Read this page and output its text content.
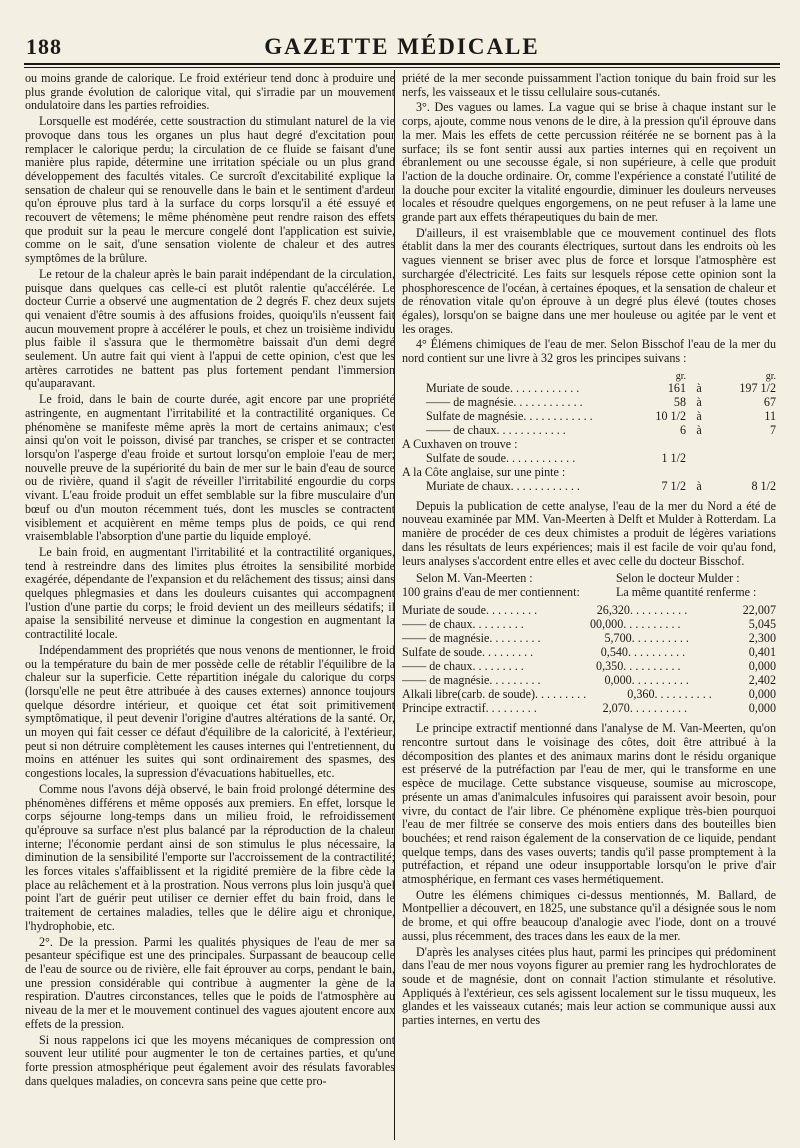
188	GAZETTE MÉDICALE

ou moins grande de calorique. Le froid extérieur tend donc à produire une plus grande évolution de calorique vital, qui s'irradie par un mouvement ondulatoire dans les parties refroidies.

Lorsquelle est modérée, cette soustraction du stimulant naturel de la vie provoque dans tous les organes un plus haut degré d'excitation pour remplacer le calorique perdu; la circulation de ce fluide se faisant d'une manière plus rapide, détermine une irritation spéciale ou un plus grand développement des facultés vitales. Ce surcroît d'excitabilité explique la sensation de chaleur qui se renouvelle dans le bain et le sentiment d'ardeur qu'on éprouve plus tard à la surface du corps lorsqu'il a été essuyé et recouvert de vêtemens; le même phénomène peut rendre raison des effets que produit sur la peau le mercure congelé dont l'application est suivie, comme on le sait, d'une sensation violente de chaleur et des autres symptômes de la brûlure.

Le retour de la chaleur après le bain parait indépendant de la circulation, puisque dans quelques cas celle-ci est plutôt ralentie qu'accélérée. Le docteur Currie a observé une augmentation de 2 degrés F. chez deux sujets qui venaient d'être soumis à des affusions froides, quoiqu'ils n'eussent fait aucun mouvement propre à accélérer le pouls, et chez un troisième individu plus faible il s'assura que le thermomètre baissait d'un demi degré seulement. Un autre fait qui vient à l'appui de cette opinion, c'est que les artères carrotides ne battent pas plus fortement pendant l'immersion qu'auparavant.

Le froid, dans le bain de courte durée, agit encore par une propriété astringente, en augmentant l'irritabilité et la contractilité organiques. Ce phénomène se manifeste même après la mort de certains animaux; c'est ainsi qu'on voit le poisson, divisé par tranches, se crisper et se contracter lorsqu'on l'asperge d'eau froide et surtout lorsqu'on emploie l'eau de mer; nouvelle preuve de la supériorité du bain de mer sur le bain d'eau de source ou de rivière, quand il s'agit de réveiller l'irritabilité engourdie du corps vivant. L'eau froide produit un effet semblable sur la fibre musculaire d'un bœuf ou d'un mouton récemment tués, dont les muscles se contractent visiblement et acquièrent en même temps plus de poids, ce qui rend vraisemblable l'absorption d'une partie du liquide employé.

Le bain froid, en augmentant l'irritabilité et la contractilité organiques, tend à restreindre dans des limites plus étroites la sensibilité morbide exagérée, dépendante de l'expansion et du relâchement des tissus; ainsi dans quelques phlegmasies et dans les douleurs cuisantes qui accompagnent l'ustion d'une partie du corps; le froid devient un des meilleurs sédatifs; il apaise la sensibilité nerveuse et diminue la congestion en augmentant la contractilité locale.

Indépendamment des propriétés que nous venons de mentionner, le froid ou la température du bain de mer possède celle de rétablir l'équilibre de la chaleur sur la superficie. Cette répartition inégale du calorique du corps (lorsqu'elle ne peut être attribuée à des causes externes) annonce toujours quelque désordre intérieur, et quoique cet état soit primitivement symptômatique, il peut devenir l'origine d'autres altérations de la santé. Or, un moyen qui fait cesser ce défaut d'équilibre de la caloricité, à l'extérieur, peut si non détruire complètement les causes internes qui l'entretiennent, du moins en atténuer les suites qui sont ordinairement des spasmes, des congestions locales, la supression d'évacuations habituelles, etc.

Comme nous l'avons déjà observé, le bain froid prolongé détermine des phénomènes différens et même opposés aux premiers. En effet, lorsque le corps séjourne long-temps dans un milieu froid, le refroidissement qu'éprouve sa surface n'est plus balancé par la réproduction de la chaleur interne; l'économie perdant ainsi de son stimulus le plus nécessaire, la diminution de la sensibilité l'emporte sur l'accroissement de la contractilité; les forces vitales s'affaiblissent et la rigidité première de la fibre cède la place au relâchement et à la prostration. Nous verrons plus loin jusqu'à quel point l'art de guérir peut utiliser ce dernier effet du bain froid, dans le traitement de certaines maladies, telles que le délire aigu et chronique, l'hydrophobie, etc.

2°. De la pression. Parmi les qualités physiques de l'eau de mer sa pesanteur spécifique est une des principales. Surpassant de beaucoup celle de l'eau de source ou de rivière, elle fait éprouver au corps, pendant le bain, une pression considérable qui contribue à augmenter la gène de la respiration. D'autres circonstances, telles que le poids de l'atmosphère au niveau de la mer et le mouvement continuel des vagues ajoutent encore aux effets de la pression.

Si nous rappelons ici que les moyens mécaniques de compression ont souvent leur utilité pour augmenter le ton de certaines parties, et qu'une forte pression atmosphérique peut également avoir des résulats favorables dans quelques maladies, on concevra sans peine que cette pro-

priété de la mer seconde puissamment l'action tonique du bain froid sur les nerfs, les vaisseaux et le tissu cellulaire sous-cutanés.

3°. Des vagues ou lames. La vague qui se brise à chaque instant sur le corps, ajoute, comme nous venons de le dire, à la pression qu'il éprouve dans la mer. Mais les effets de cette percussion réitérée ne se bornent pas à la surface; ils se font sentir aussi aux parties internes qui en reçoivent un ébranlement ou une secousse égale, si non supérieure, à celle que produit l'action de la douche ordinaire. Or, comme l'expérience a constaté l'utilité de la douche pour exciter la vitalité engourdie, diminuer les douleurs nerveuses locales et résoudre quelques engorgemens, on ne peut refuser à la lame une grande part aux effets thérapeutiques du bain de mer.

D'ailleurs, il est vraisemblable que ce mouvement continuel des flots établit dans la mer des courants électriques, surtout dans les endroits où les vagues viennent se briser avec plus de force et lorsque l'atmosphère est surchargée d'électricité. Les faits sur lesquels répose cette opinion sont la phosphorescence de l'océan, à certaines époques, et la sensation de chaleur et de rénovation vitale qu'on éprouve à un degré plus élevé (toutes choses égales), lorsqu'on se baigne dans une mer houleuse ou agitée par le vent et les orages.

4° Élémens chimiques de l'eau de mer. Selon Bisschof l'eau de la mer du nord contient sur une livre à 32 gros les principes suivans :

gr.	gr.
Muriate de soude ............	161 à	197 1/2
—— de magnésie ............	58 à	67
Sulfate de magnésie ............	10 1/2 à	11
—— de chaux ............	6 à	7
A Cuxhaven on trouve :
Sulfate de soude ............	1 1/2
A la Côte anglaise, sur une pinte :
Muriate de chaux ............	7 1/2 à	8 1/2

Depuis la publication de cette analyse, l'eau de la mer du Nord a été de nouveau examinée par MM. Van-Meerten à Delft et Mulder à Rotterdam. La manière de procéder de ces deux chimistes a produit de légères variations dans les résultats de leurs expériences; mais il est facile de voir qu'au fond, leurs analyses s'accordent entre elles et avec celle du docteur Bisschof.

Selon M. Van-Meerten :	Selon le docteur Mulder :
100 grains d'eau de mer contiennent:	La même quantité renferme :
Muriate de soude .........	26,320 ..........	22,007
—— de chaux .........	00,000 ..........	5,045
—— de magnésie .........	5,700 ..........	2,300
Sulfate de soude .........	0,540 ..........	0,401
—— de chaux .........	0,350 ..........	0,000
—— de magnésie .........	0,000 ..........	2,402
Alkali libre(carb. de soude) .........	0,360 ..........	0,000
Principe extractif .........	2,070 ..........	0,000

Le principe extractif mentionné dans l'analyse de M. Van-Meerten, qu'on rencontre surtout dans le voisinage des côtes, doit être attribué à la décomposition des plantes et des animaux marins dont le résidu organique est préservé de la putréfaction par l'eau de mer, qui le transforme en une espèce de mucilage. Cette substance visqueuse, soumise au microscope, présente un amas d'animalcules infusoires qui paraissent avoir besoin, pour vivre, du contact de l'air libre. Ce phénomène explique très-bien pourquoi l'eau de mer filtrée se conserve des mois entiers dans des bouteilles bien bouchées; et rend raison également de la conservation de ce liquide, pendant quelque temps, dans des vases ouverts; tandis qu'il passe promptement à la putréfaction, et répand une odeur insupportable lorsqu'on le prive d'air atmosphérique, en fermant ces vases hermétiquement.

Outre les élémens chimiques ci-dessus mentionnés, M. Ballard, de Montpellier a découvert, en 1825, une substance qu'il a désignée sous le nom de brome, et qui offre beaucoup d'analogie avec l'iode, dont on a trouvé aussi, plus récemment, des traces dans les eaux de la mer.

D'après les analyses citées plus haut, parmi les principes qui prédominent dans l'eau de mer nous voyons figurer au premier rang les hydrochlorates de soude et de magnésie, dont on connait l'action stimulante et résolutive. Appliqués à l'extérieur, ces sels agissent localement sur le tissu muqueux, les glandes et les vaisseaux cutanés; mais leur action se communique aussi aux parties internes, en vertu des
